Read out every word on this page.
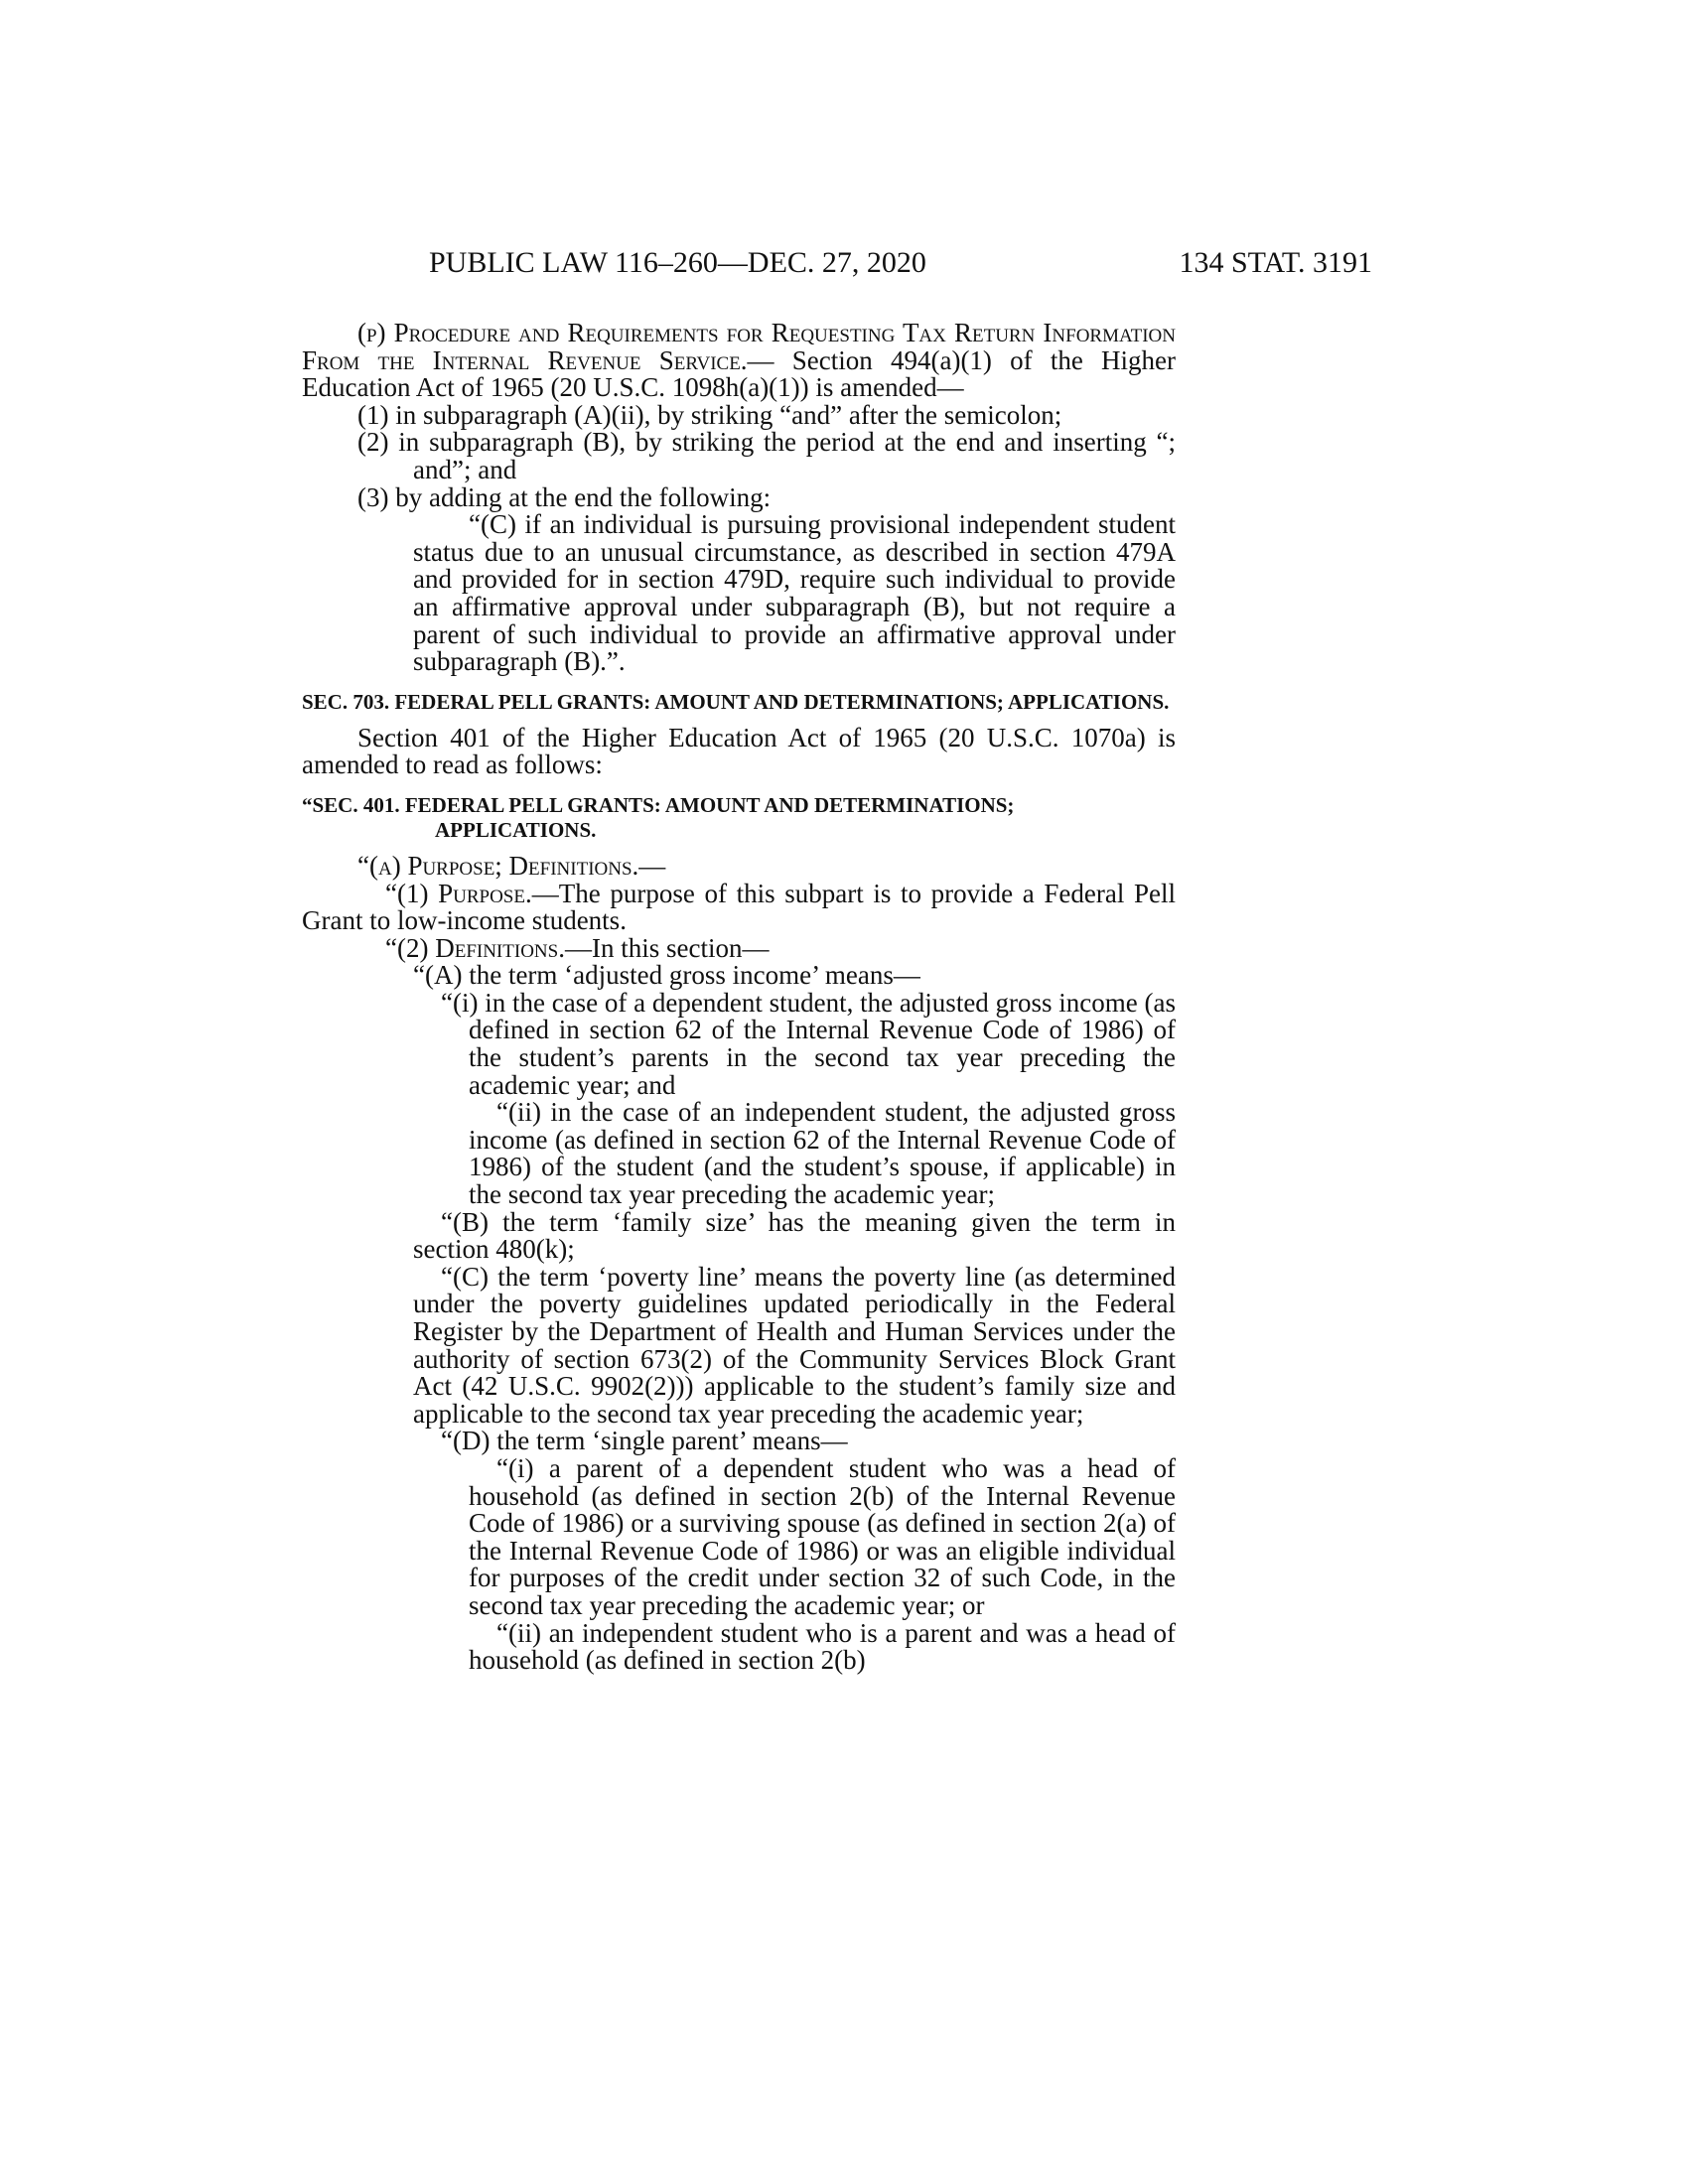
PUBLIC LAW 116–260—DEC. 27, 2020	134 STAT. 3191

(p) Procedure and Requirements for Requesting Tax Return Information From the Internal Revenue Service.— Section 494(a)(1) of the Higher Education Act of 1965 (20 U.S.C. 1098h(a)(1)) is amended—

(1) in subparagraph (A)(ii), by striking “and” after the semicolon;

(2) in subparagraph (B), by striking the period at the end and inserting “; and”; and

(3) by adding at the end the following:

“(C) if an individual is pursuing provisional independent student status due to an unusual circumstance, as described in section 479A and provided for in section 479D, require such individual to provide an affirmative approval under subparagraph (B), but not require a parent of such individual to provide an affirmative approval under subparagraph (B).”.

SEC. 703. FEDERAL PELL GRANTS: AMOUNT AND DETERMINATIONS; APPLICATIONS.

Section 401 of the Higher Education Act of 1965 (20 U.S.C. 1070a) is amended to read as follows:

“SEC. 401. FEDERAL PELL GRANTS: AMOUNT AND DETERMINATIONS; APPLICATIONS.

“(a) Purpose; Definitions.—

“(1) Purpose.—The purpose of this subpart is to provide a Federal Pell Grant to low-income students.

“(2) Definitions.—In this section—

“(A) the term ‘adjusted gross income’ means—

“(i) in the case of a dependent student, the adjusted gross income (as defined in section 62 of the Internal Revenue Code of 1986) of the student’s parents in the second tax year preceding the academic year; and

“(ii) in the case of an independent student, the adjusted gross income (as defined in section 62 of the Internal Revenue Code of 1986) of the student (and the student’s spouse, if applicable) in the second tax year preceding the academic year;

“(B) the term ‘family size’ has the meaning given the term in section 480(k);

“(C) the term ‘poverty line’ means the poverty line (as determined under the poverty guidelines updated periodically in the Federal Register by the Department of Health and Human Services under the authority of section 673(2) of the Community Services Block Grant Act (42 U.S.C. 9902(2))) applicable to the student’s family size and applicable to the second tax year preceding the academic year;

“(D) the term ‘single parent’ means—

“(i) a parent of a dependent student who was a head of household (as defined in section 2(b) of the Internal Revenue Code of 1986) or a surviving spouse (as defined in section 2(a) of the Internal Revenue Code of 1986) or was an eligible individual for purposes of the credit under section 32 of such Code, in the second tax year preceding the academic year; or

“(ii) an independent student who is a parent and was a head of household (as defined in section 2(b)
